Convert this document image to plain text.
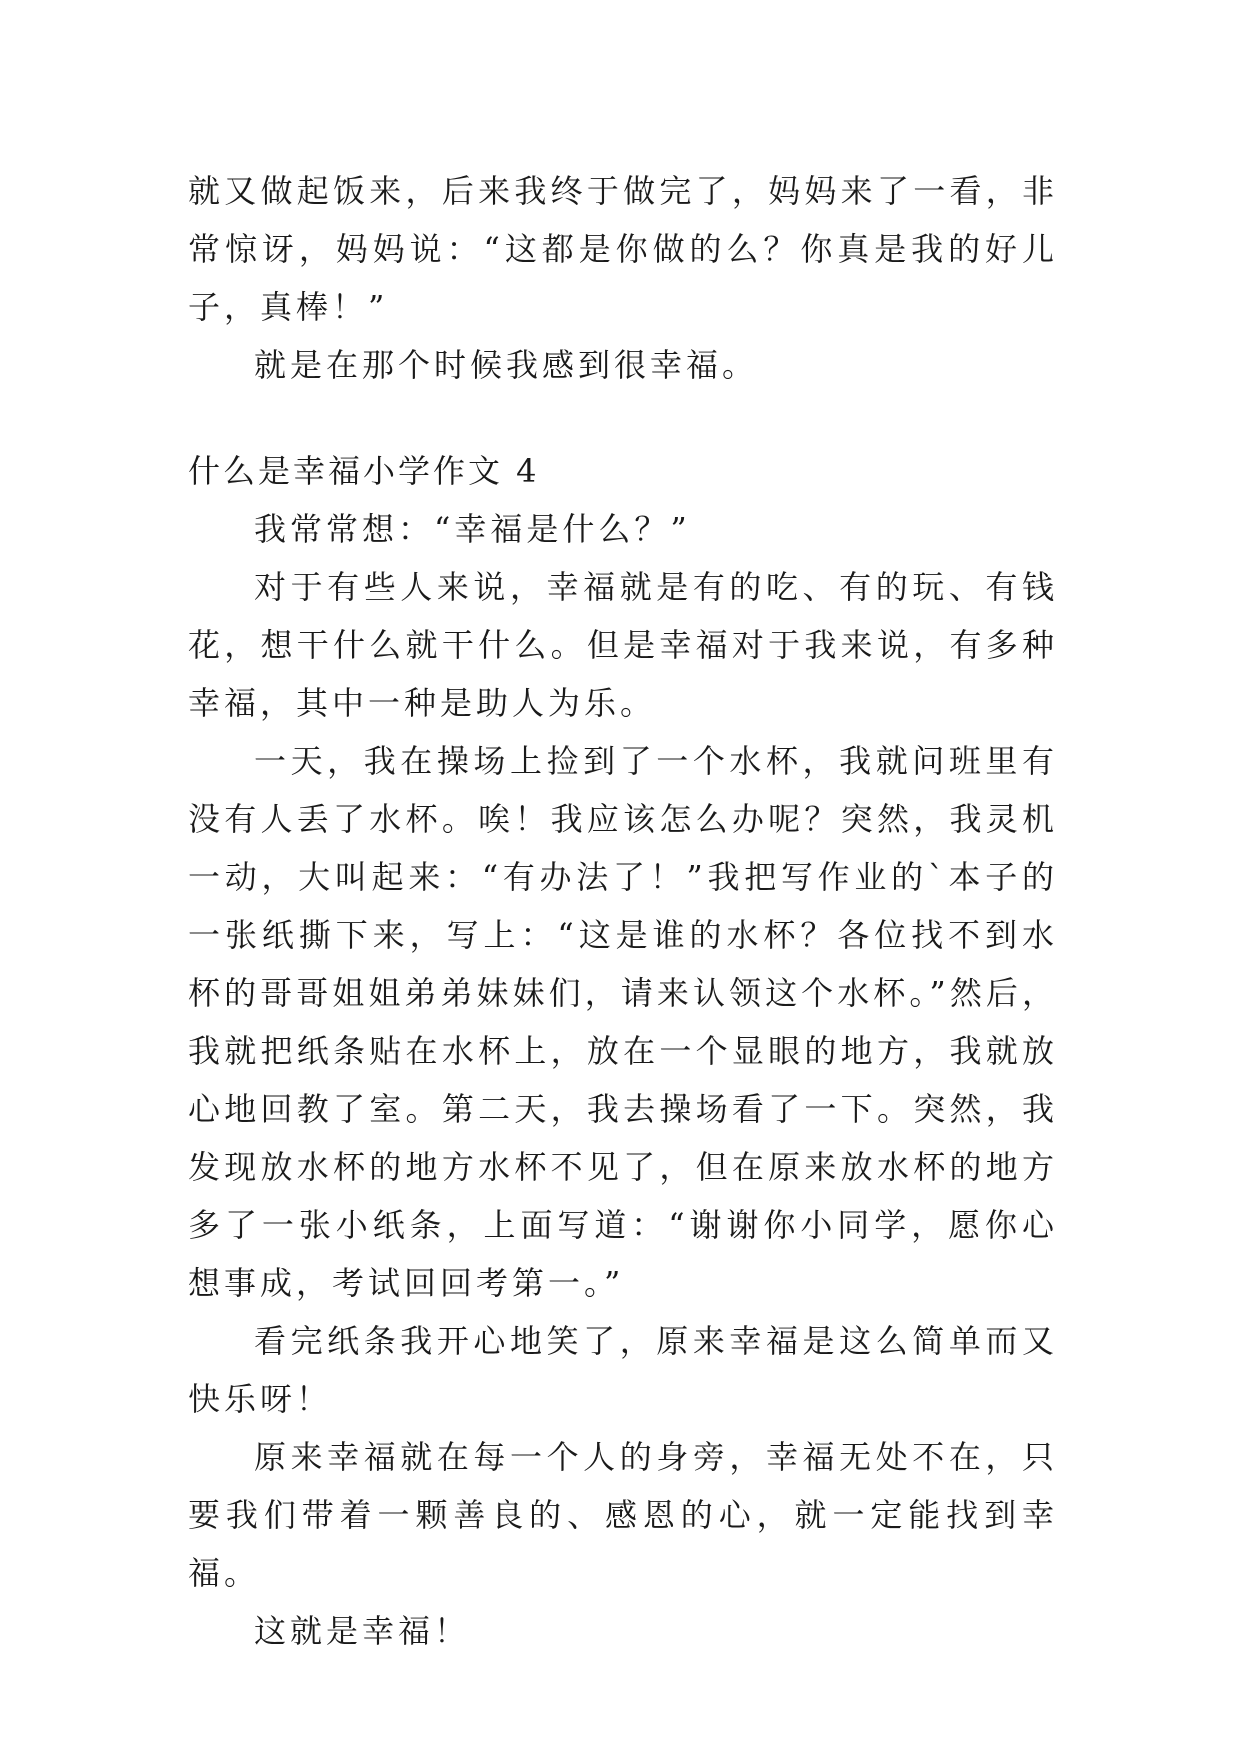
就又做起饭来，后来我终于做完了，妈妈来了一看，非常惊讶，妈妈说：“这都是你做的么？你真是我的好儿子，真棒！”

就是在那个时候我感到很幸福。

什么是幸福小学作文 4

我常常想：“幸福是什么？”

对于有些人来说，幸福就是有的吃、有的玩、有钱花，想干什么就干什么。但是幸福对于我来说，有多种幸福，其中一种是助人为乐。

一天，我在操场上捡到了一个水杯，我就问班里有没有人丢了水杯。唉！我应该怎么办呢？突然，我灵机一动，大叫起来：“有办法了！”我把写作业的`本子的一张纸撕下来，写上：“这是谁的水杯？各位找不到水杯的哥哥姐姐弟弟妹妹们，请来认领这个水杯。”然后，我就把纸条贴在水杯上，放在一个显眼的地方，我就放心地回教了室。第二天，我去操场看了一下。突然，我发现放水杯的地方水杯不见了，但在原来放水杯的地方多了一张小纸条，上面写道：“谢谢你小同学，愿你心想事成，考试回回考第一。”

看完纸条我开心地笑了，原来幸福是这么简单而又快乐呀！

原来幸福就在每一个人的身旁，幸福无处不在，只要我们带着一颗善良的、感恩的心，就一定能找到幸福。

这就是幸福！
